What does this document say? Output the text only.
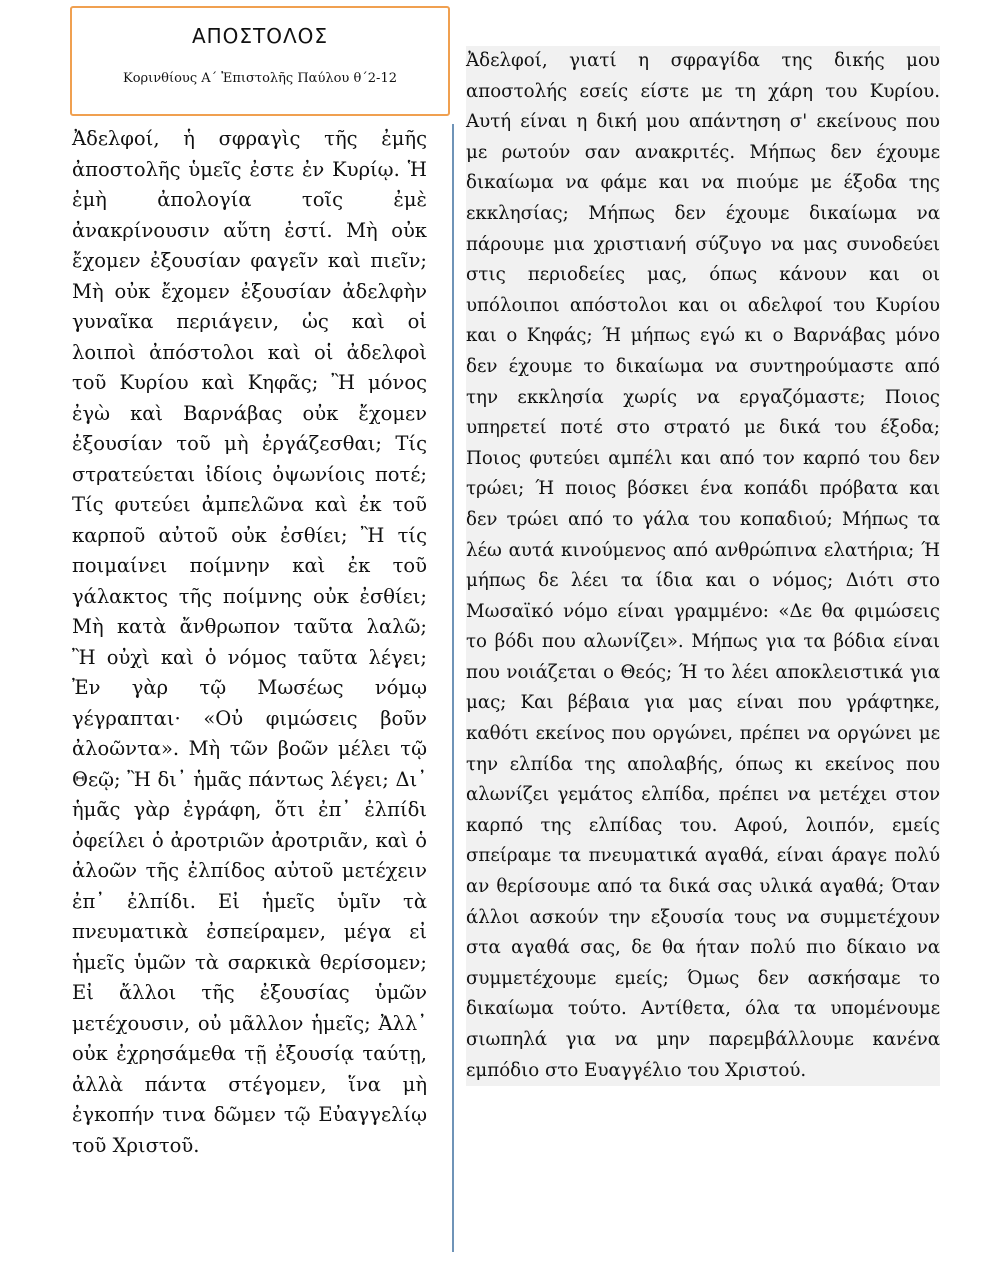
ΑΠΟΣΤΟΛΟΣ
Κορινθίους Α΄ Ἐπιστολῆς Παύλου θ΄2-12
Ἀδελφοί, ἡ σφραγὶς τῆς ἐμῆς ἀποστολῆς ὑμεῖς ἐστε ἐν Κυρίῳ. Ἡ ἐμὴ ἀπολογία τοῖς ἐμὲ ἀνακρίνουσιν αὕτη ἐστί. Μὴ οὐκ ἔχομεν ἐξουσίαν φαγεῖν καὶ πιεῖν; Μὴ οὐκ ἔχομεν ἐξουσίαν ἀδελφὴν γυναῖκα περιάγειν, ὡς καὶ οἱ λοιποὶ ἀπόστολοι καὶ οἱ ἀδελφοὶ τοῦ Κυρίου καὶ Κηφᾶς; Ἢ μόνος ἐγὼ καὶ Βαρνάβας οὐκ ἔχομεν ἐξουσίαν τοῦ μὴ ἐργάζεσθαι; Τίς στρατεύεται ἰδίοις ὀψωνίοις ποτέ; Τίς φυτεύει ἀμπελῶνα καὶ ἐκ τοῦ καρποῦ αὐτοῦ οὐκ ἐσθίει; Ἢ τίς ποιμαίνει ποίμνην καὶ ἐκ τοῦ γάλακτος τῆς ποίμνης οὐκ ἐσθίει; Μὴ κατὰ ἄνθρωπον ταῦτα λαλῶ; Ἢ οὐχὶ καὶ ὁ νόμος ταῦτα λέγει; Ἐν γὰρ τῷ Μωσέως νόμῳ γέγραπται· «Οὐ φιμώσεις βοῦν ἀλοῶντα». Μὴ τῶν βοῶν μέλει τῷ Θεῷ; Ἢ δι᾿ ἡμᾶς πάντως λέγει; Δι᾿ ἡμᾶς γὰρ ἐγράφη, ὅτι ἐπ᾿ ἐλπίδι ὀφείλει ὁ ἀροτριῶν ἀροτριᾶν, καὶ ὁ ἀλοῶν τῆς ἐλπίδος αὐτοῦ μετέχειν ἐπ᾿ ἐλπίδι. Εἰ ἡμεῖς ὑμῖν τὰ πνευματικὰ ἐσπείραμεν, μέγα εἰ ἡμεῖς ὑμῶν τὰ σαρκικὰ θερίσομεν; Εἰ ἄλλοι τῆς ἐξουσίας ὑμῶν μετέχουσιν, οὐ μᾶλλον ἡμεῖς; Ἀλλ᾿ οὐκ ἐχρησάμεθα τῇ ἐξουσίᾳ ταύτῃ, ἀλλὰ πάντα στέγομεν, ἵνα μὴ ἐγκοπήν τινα δῶμεν τῷ Εὐαγγελίῳ τοῦ Χριστοῦ.
Ἀδελφοί, γιατί η σφραγίδα της δικής μου αποστολής εσείς είστε με τη χάρη του Κυρίου. Αυτή είναι η δική μου απάντηση σ' εκείνους που με ρωτούν σαν ανακριτές. Μήπως δεν έχουμε δικαίωμα να φάμε και να πιούμε με έξοδα της εκκλησίας; Μήπως δεν έχουμε δικαίωμα να πάρουμε μια χριστιανή σύζυγο να μας συνοδεύει στις περιοδείες μας, όπως κάνουν και οι υπόλοιποι απόστολοι και οι αδελφοί του Κυρίου και ο Κηφάς; Ή μήπως εγώ κι ο Βαρνάβας μόνο δεν έχουμε το δικαίωμα να συντηρούμαστε από την εκκλησία χωρίς να εργαζόμαστε; Ποιος υπηρετεί ποτέ στο στρατό με δικά του έξοδα; Ποιος φυτεύει αμπέλι και από τον καρπό του δεν τρώει; Ή ποιος βόσκει ένα κοπάδι πρόβατα και δεν τρώει από το γάλα του κοπαδιού; Μήπως τα λέω αυτά κινούμενος από ανθρώπινα ελατήρια; Ή μήπως δε λέει τα ίδια και ο νόμος; Διότι στο Μωσαϊκό νόμο είναι γραμμένο: «Δε θα φιμώσεις το βόδι που αλωνίζει». Μήπως για τα βόδια είναι που νοιάζεται ο Θεός; Ή το λέει αποκλειστικά για μας; Και βέβαια για μας είναι που γράφτηκε, καθότι εκείνος που οργώνει, πρέπει να οργώνει με την ελπίδα της απολαβής, όπως κι εκείνος που αλωνίζει γεμάτος ελπίδα, πρέπει να μετέχει στον καρπό της ελπίδας του. Αφού, λοιπόν, εμείς σπείραμε τα πνευματικά αγαθά, είναι άραγε πολύ αν θερίσουμε από τα δικά σας υλικά αγαθά; Όταν άλλοι ασκούν την εξουσία τους να συμμετέχουν στα αγαθά σας, δε θα ήταν πολύ πιο δίκαιο να συμμετέχουμε εμείς; Όμως δεν ασκήσαμε το δικαίωμα τούτο. Αντίθετα, όλα τα υπομένουμε σιωπηλά για να μην παρεμβάλλουμε κανένα εμπόδιο στο Ευαγγέλιο του Χριστού.
